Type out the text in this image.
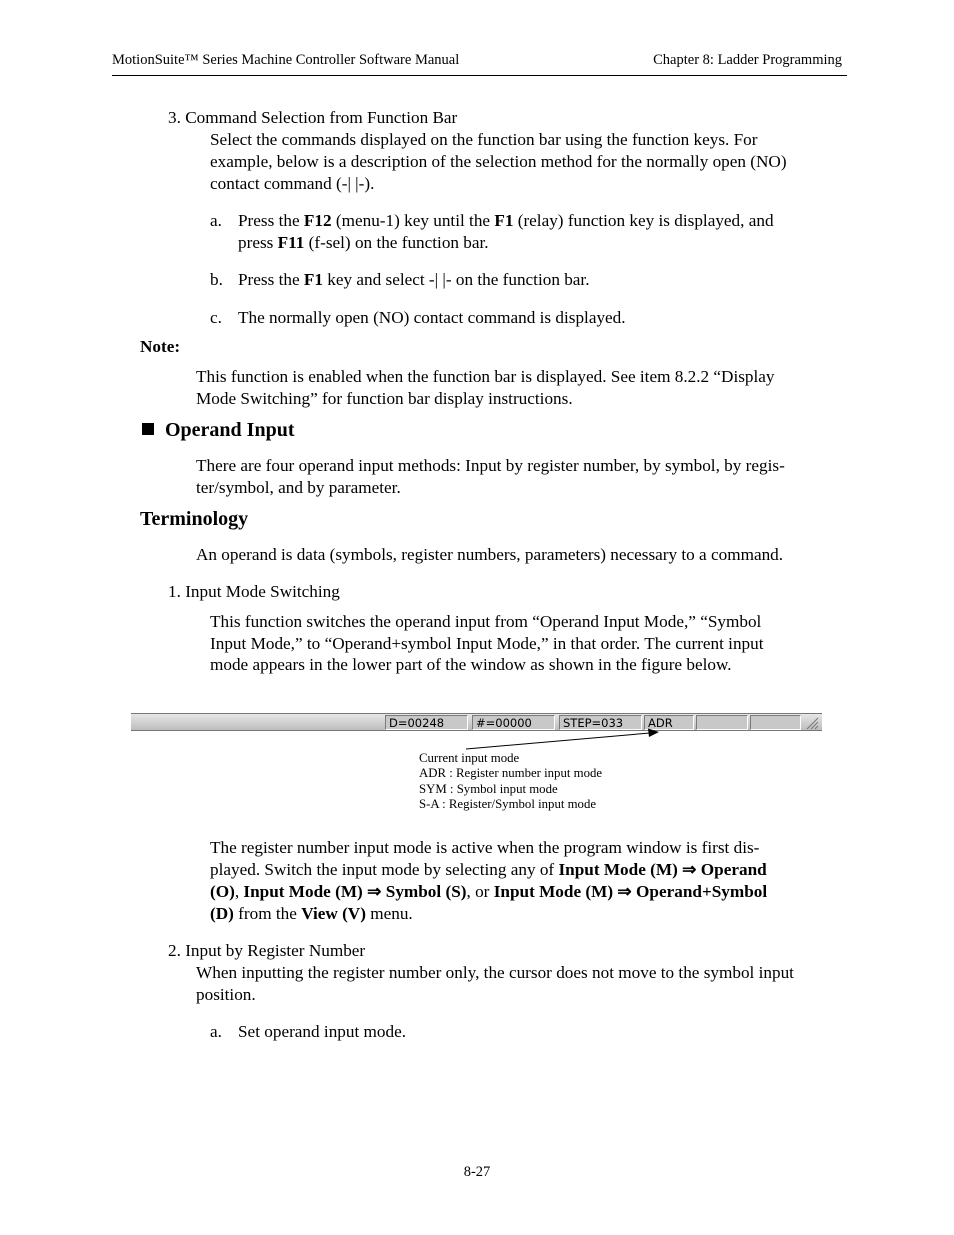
MotionSuite™ Series Machine Controller Software Manual	Chapter 8: Ladder Programming

3. Command Selection from Function Bar

Select the commands displayed on the function bar using the function keys. For

example, below is a description of the selection method for the normally open (NO)

contact command (-| |-).

a. Press the F12 (menu-1) key until the F1 (relay) function key is displayed, and

press F11 (f-sel) on the function bar.

b. Press the F1 key and select -| |- on the function bar.

c. The normally open (NO) contact command is displayed.

Note:

This function is enabled when the function bar is displayed. See item 8.2.2 “Display

Mode Switching” for function bar display instructions.

Operand Input

There are four operand input methods: Input by register number, by symbol, by regis-

ter/symbol, and by parameter.

Terminology

An operand is data (symbols, register numbers, parameters) necessary to a command.

1. Input Mode Switching

This function switches the operand input from “Operand Input Mode,” “Symbol

Input Mode,” to “Operand+symbol Input Mode,” in that order. The current input

mode appears in the lower part of the window as shown in the figure below.

D=00248	#=00000	STEP=033	ADR
Current input mode
ADR : Register number input mode
SYM : Symbol input mode
S-A : Register/Symbol input mode

The register number input mode is active when the program window is first dis-

played. Switch the input mode by selecting any of Input Mode (M) ⇒ Operand

(O), Input Mode (M) ⇒ Symbol (S), or Input Mode (M) ⇒ Operand+Symbol

(D) from the View (V) menu.

2. Input by Register Number

When inputting the register number only, the cursor does not move to the symbol input

position.

a. Set operand input mode.

8-27
